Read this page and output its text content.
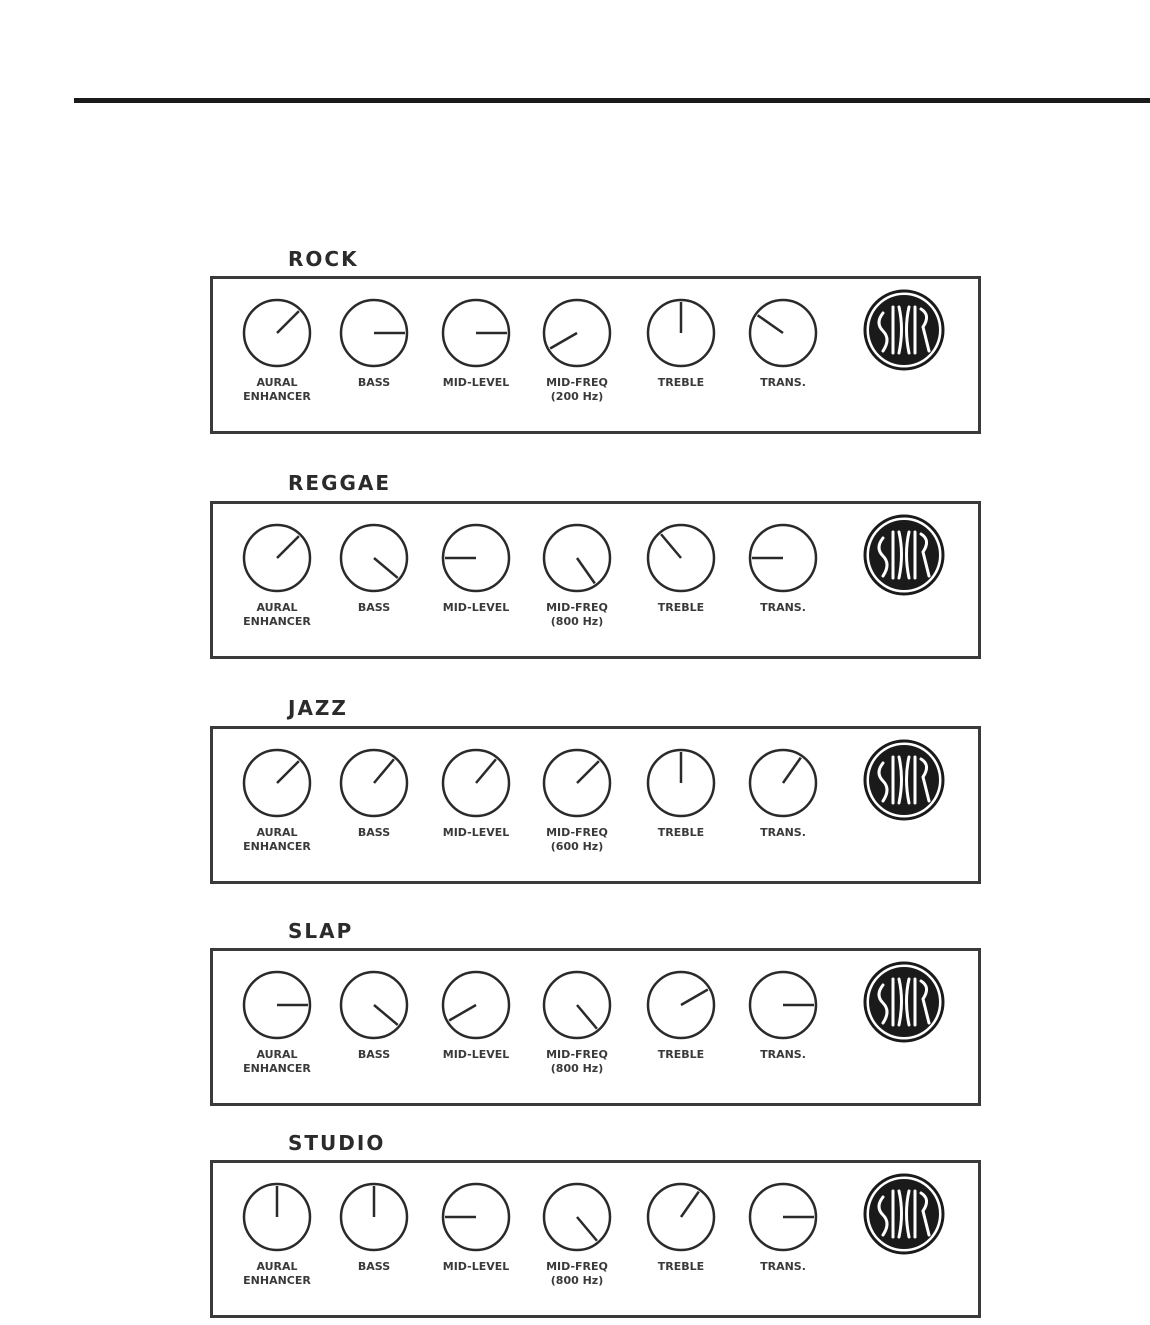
ROCK
AURAL
ENHANCER
BASS	MID-LEVEL	MID-FREQ
(200 Hz)
TREBLE	TRANS.
REGGAE
AURAL
ENHANCER
BASS	MID-LEVEL	MID-FREQ
(800 Hz)
TREBLE	TRANS.
JAZZ
AURAL
ENHANCER
BASS	MID-LEVEL	MID-FREQ
(600 Hz)
TREBLE	TRANS.
SLAP
AURAL
ENHANCER
BASS	MID-LEVEL	MID-FREQ
(800 Hz)
TREBLE	TRANS.
STUDIO
AURAL
ENHANCER
BASS	MID-LEVEL	MID-FREQ
(800 Hz)
TREBLE	TRANS.
